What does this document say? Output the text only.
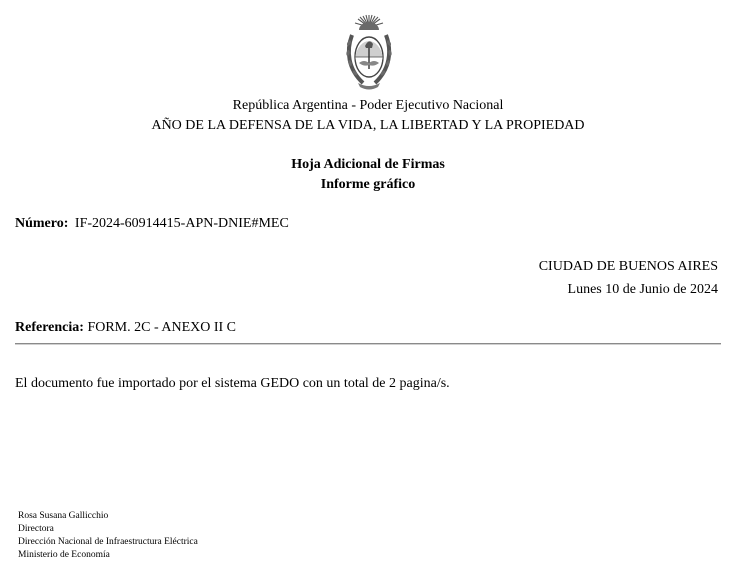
República Argentina - Poder Ejecutivo Nacional
AÑO DE LA DEFENSA DE LA VIDA, LA LIBERTAD Y LA PROPIEDAD
Hoja Adicional de Firmas
Informe gráfico
Número: IF-2024-60914415-APN-DNIE#MEC
CIUDAD DE BUENOS AIRES
Lunes 10 de Junio de 2024
Referencia: FORM. 2C - ANEXO II C
El documento fue importado por el sistema GEDO con un total de 2 pagina/s.
Rosa Susana Gallicchio
Directora
Dirección Nacional de Infraestructura Eléctrica
Ministerio de Economía
